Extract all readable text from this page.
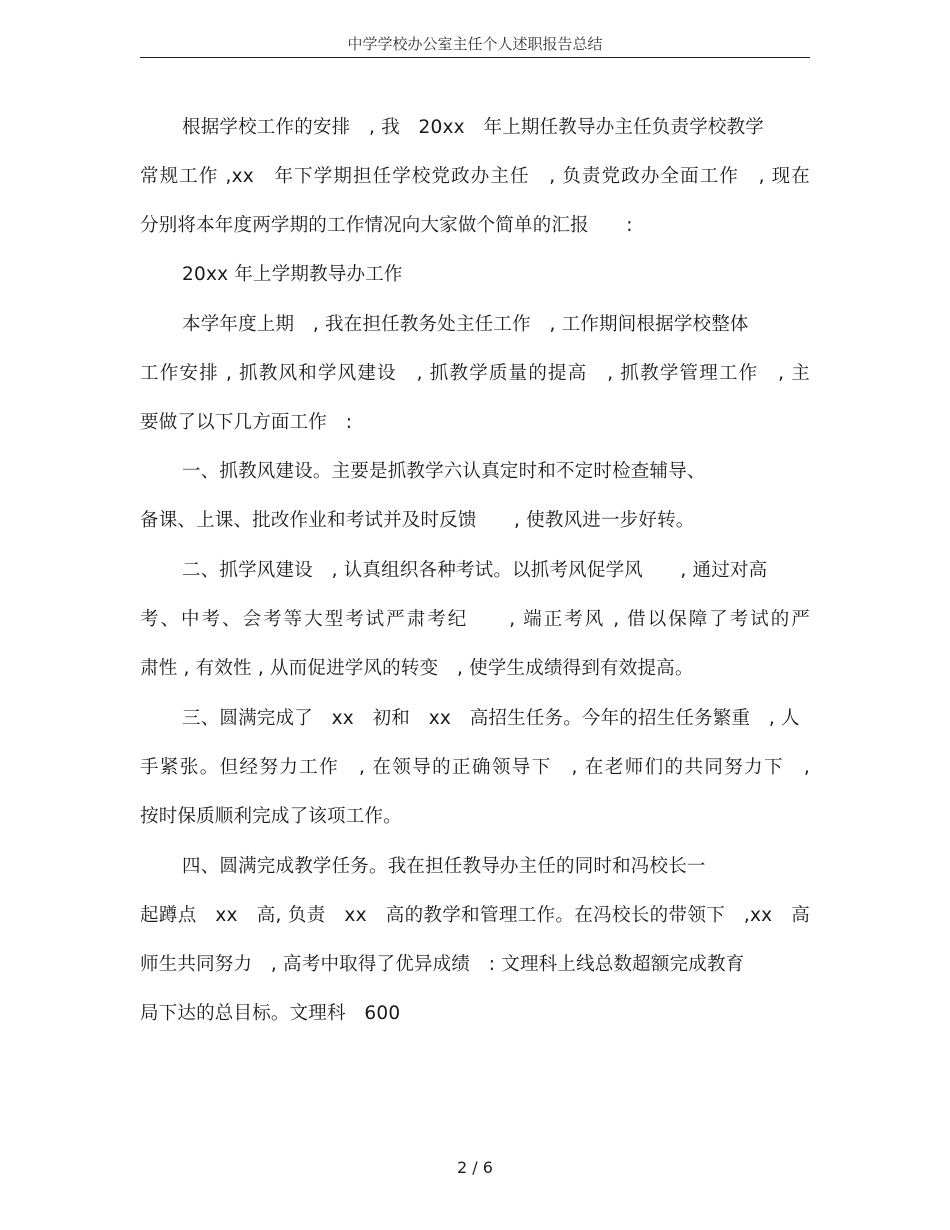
中学学校办公室主任个人述职报告总结
根据学校工作的安排　, 我　20xx　年上期任教导办主任负责学校教学
常规工作 ,xx　年下学期担任学校党政办主任　, 负责党政办全面工作　, 现在
分别将本年度两学期的工作情况向大家做个简单的汇报　　:
20xx 年上学期教导办工作
本学年度上期　, 我在担任教务处主任工作　, 工作期间根据学校整体
工作安排 , 抓教风和学风建设　, 抓教学质量的提高　, 抓教学管理工作　, 主
要做了以下几方面工作　:
一、抓教风建设。主要是抓教学六认真定时和不定时检查辅导、
备课、上课、批改作业和考试并及时反馈　　, 使教风进一步好转。
二、抓学风建设　, 认真组织各种考试。以抓考风促学风　　, 通过对高
考、中考、会考等大型考试严肃考纪　　, 端正考风 , 借以保障了考试的严
肃性 , 有效性 , 从而促进学风的转变　, 使学生成绩得到有效提高。
三、圆满完成了　xx　初和　xx　高招生任务。今年的招生任务繁重　, 人
手紧张。但经努力工作　, 在领导的正确领导下　, 在老师们的共同努力下　,
按时保质顺利完成了该项工作。
四、圆满完成教学任务。我在担任教导办主任的同时和冯校长一
起蹲点　xx　高, 负责　xx　高的教学和管理工作。在冯校长的带领下　,xx　高
师生共同努力　, 高考中取得了优异成绩　: 文理科上线总数超额完成教育
局下达的总目标。文理科　600
2 / 6
